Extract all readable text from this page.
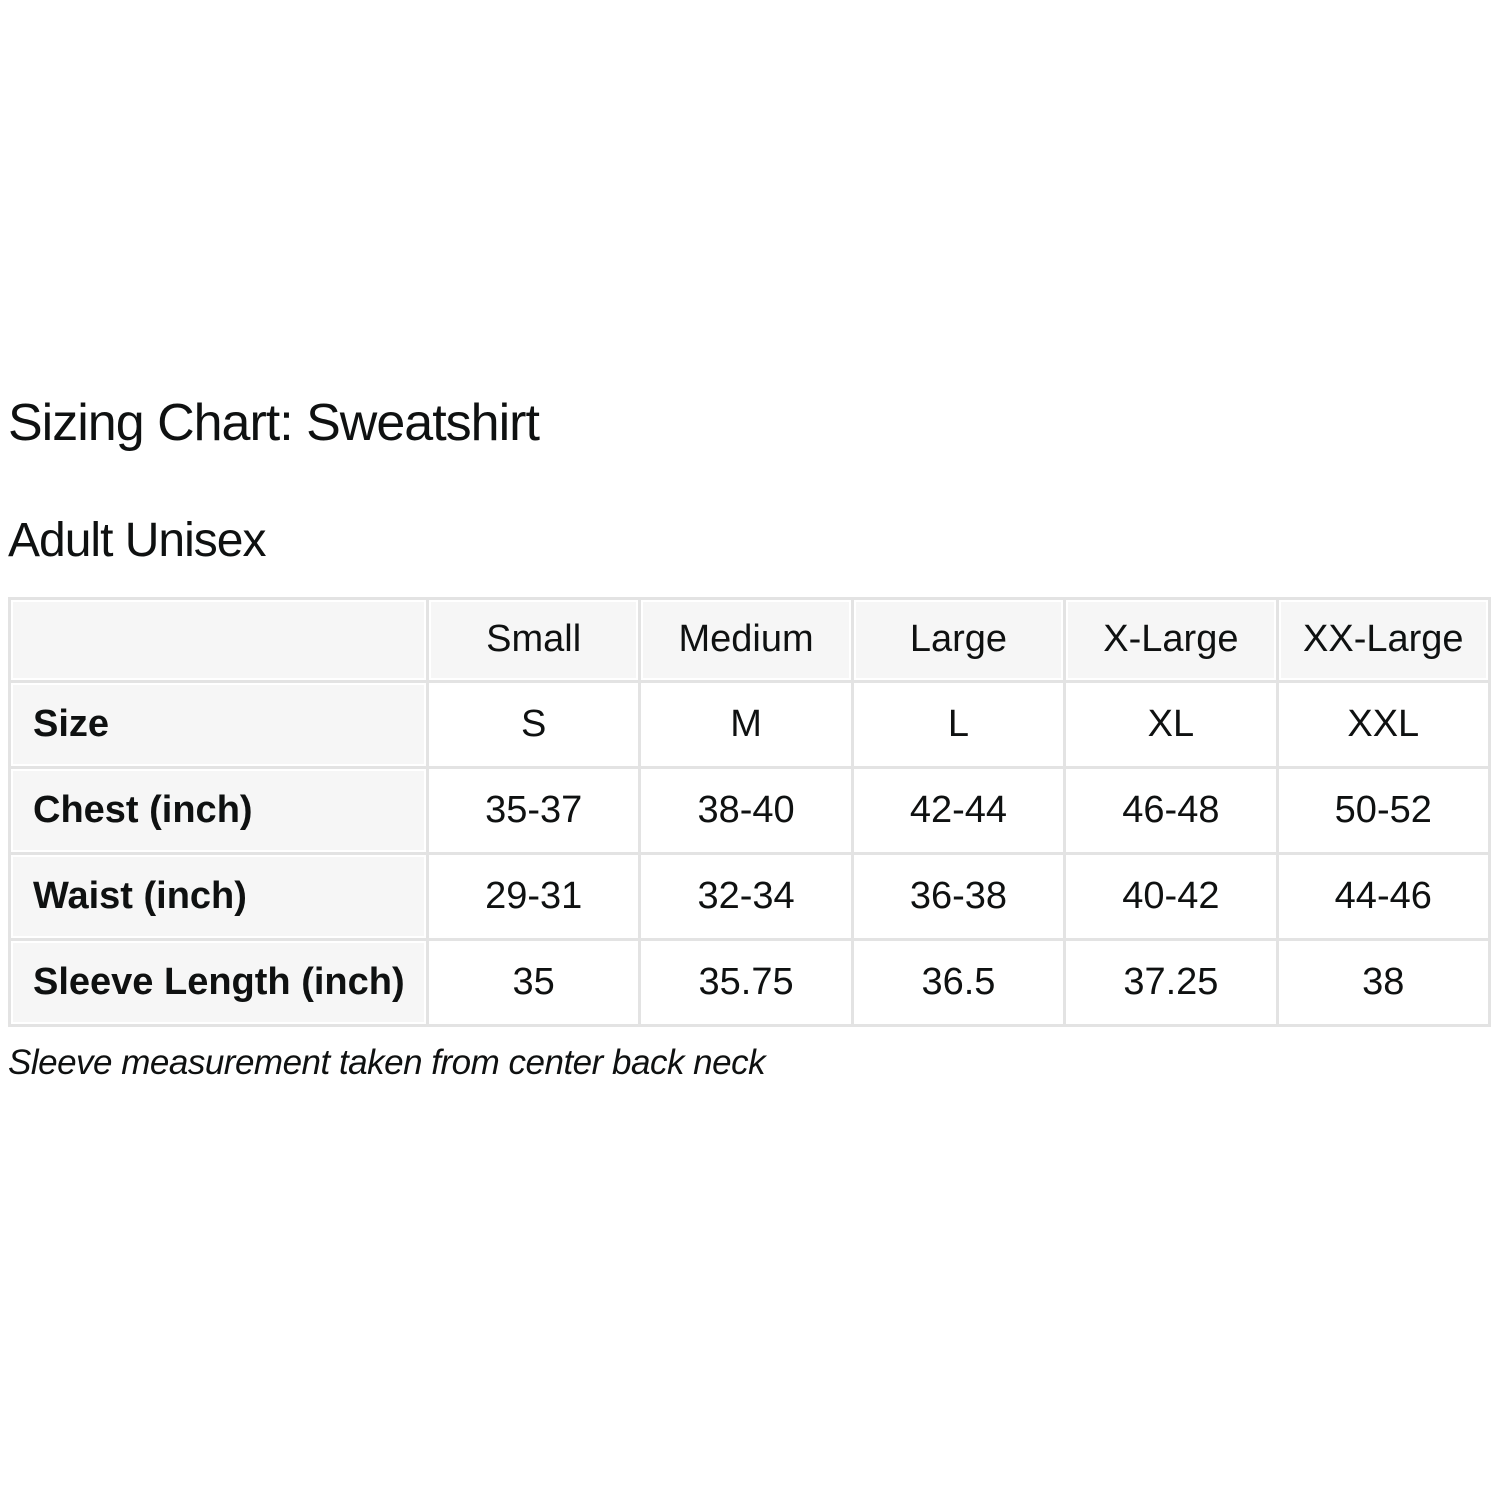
Sizing Chart: Sweatshirt
Adult Unisex
	Small	Medium	Large	X-Large	XX-Large
Size	S	M	L	XL	XXL
Chest (inch)	35-37	38-40	42-44	46-48	50-52
Waist (inch)	29-31	32-34	36-38	40-42	44-46
Sleeve Length (inch)	35	35.75	36.5	37.25	38
Sleeve measurement taken from center back neck
